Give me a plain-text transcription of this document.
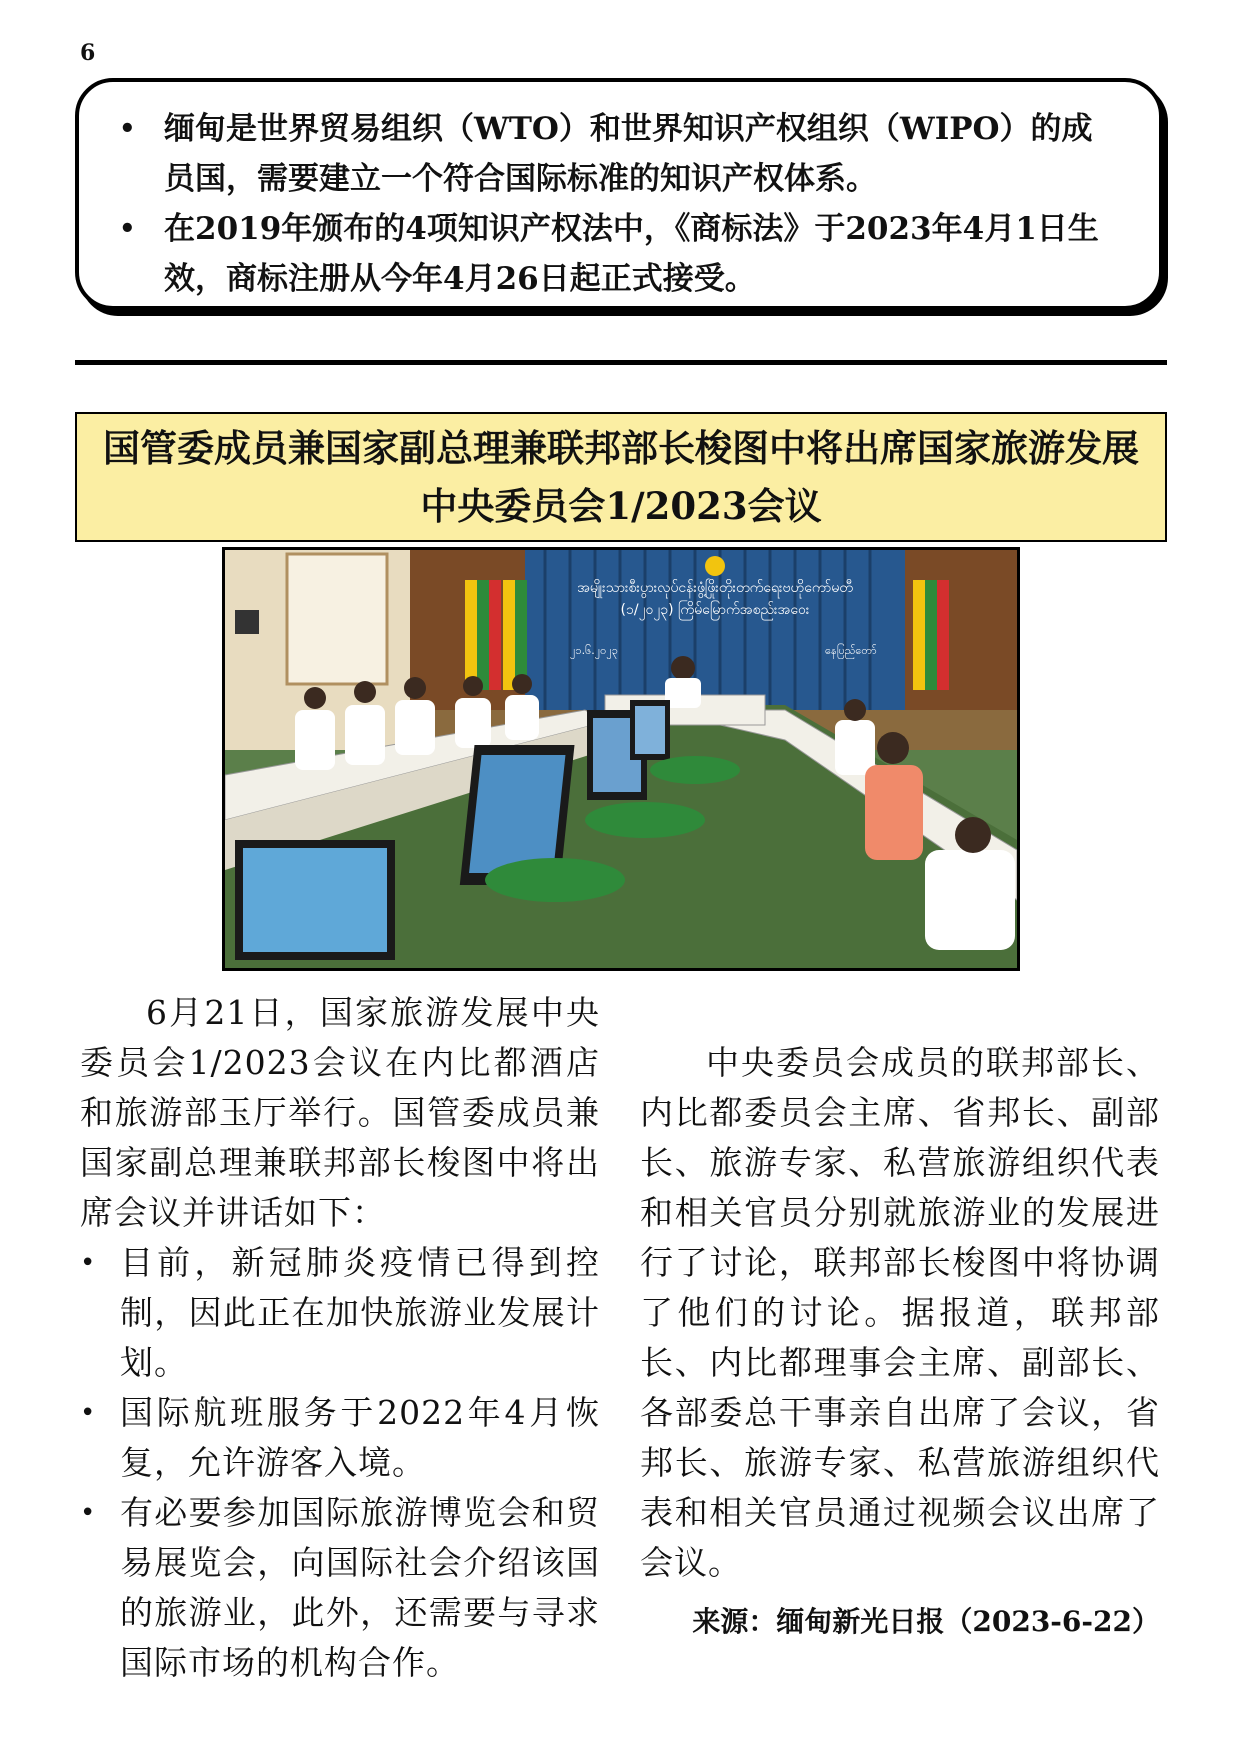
6
• 缅甸是世界贸易组织（WTO）和世界知识产权组织（WIPO）的成员国，需要建立一个符合国际标准的知识产权体系。
• 在2019年颁布的4项知识产权法中，《商标法》于2023年4月1日生效，商标注册从今年4月26日起正式接受。
国管委成员兼国家副总理兼联邦部长梭图中将出席国家旅游发展中央委员会1/2023会议
အမျိုးသားစီးပွားလုပ်ငန်းဖွံ့ဖြိုးတိုးတက်ရေးဗဟိုကော်မတီ
(၁/၂၀၂၃) ကြိမ်မြောက်အစည်းအဝေး
၂၁.၆.၂၀၂၃	နေပြည်တော်

6月21日，国家旅游发展中央委员会1/2023会议在内比都酒店和旅游部玉厅举行。国管委成员兼国家副总理兼联邦部长梭图中将出席会议并讲话如下：

• 目前，新冠肺炎疫情已得到控制，因此正在加快旅游业发展计划。
• 国际航班服务于2022年4月恢复，允许游客入境。
• 有必要参加国际旅游博览会和贸易展览会，向国际社会介绍该国的旅游业，此外，还需要与寻求国际市场的机构合作。

中央委员会成员的联邦部长、内比都委员会主席、省邦长、副部长、旅游专家、私营旅游组织代表和相关官员分别就旅游业的发展进行了讨论，联邦部长梭图中将协调了他们的讨论。据报道，联邦部长、内比都理事会主席、副部长、各部委总干事亲自出席了会议，省邦长、旅游专家、私营旅游组织代表和相关官员通过视频会议出席了会议。

来源：缅甸新光日报（2023-6-22）
